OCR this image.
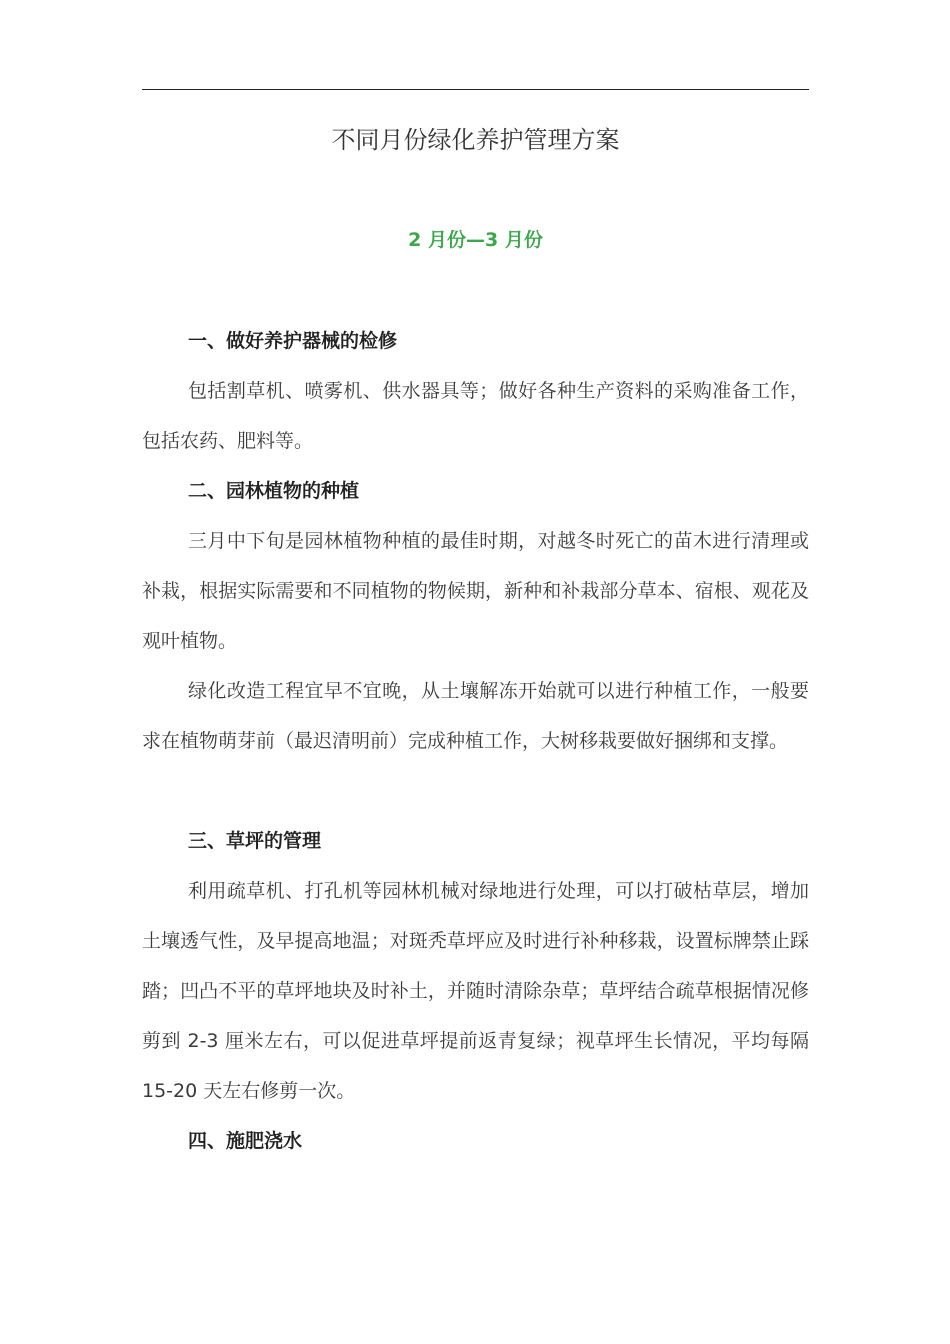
不同月份绿化养护管理方案
2 月份—3 月份
一、做好养护器械的检修

包括割草机、喷雾机、供水器具等；做好各种生产资料的采购准备工作，包括农药、肥料等。

二、园林植物的种植

三月中下旬是园林植物种植的最佳时期，对越冬时死亡的苗木进行清理或补栽，根据实际需要和不同植物的物候期，新种和补栽部分草本、宿根、观花及观叶植物。

绿化改造工程宜早不宜晚，从土壤解冻开始就可以进行种植工作，一般要求在植物萌芽前（最迟清明前）完成种植工作，大树移栽要做好捆绑和支撑。

三、草坪的管理

利用疏草机、打孔机等园林机械对绿地进行处理，可以打破枯草层，增加土壤透气性，及早提高地温；对斑秃草坪应及时进行补种移栽，设置标牌禁止踩踏；凹凸不平的草坪地块及时补土，并随时清除杂草；草坪结合疏草根据情况修剪到 2-3 厘米左右，可以促进草坪提前返青复绿；视草坪生长情况，平均每隔 15-20 天左右修剪一次。

四、施肥浇水
